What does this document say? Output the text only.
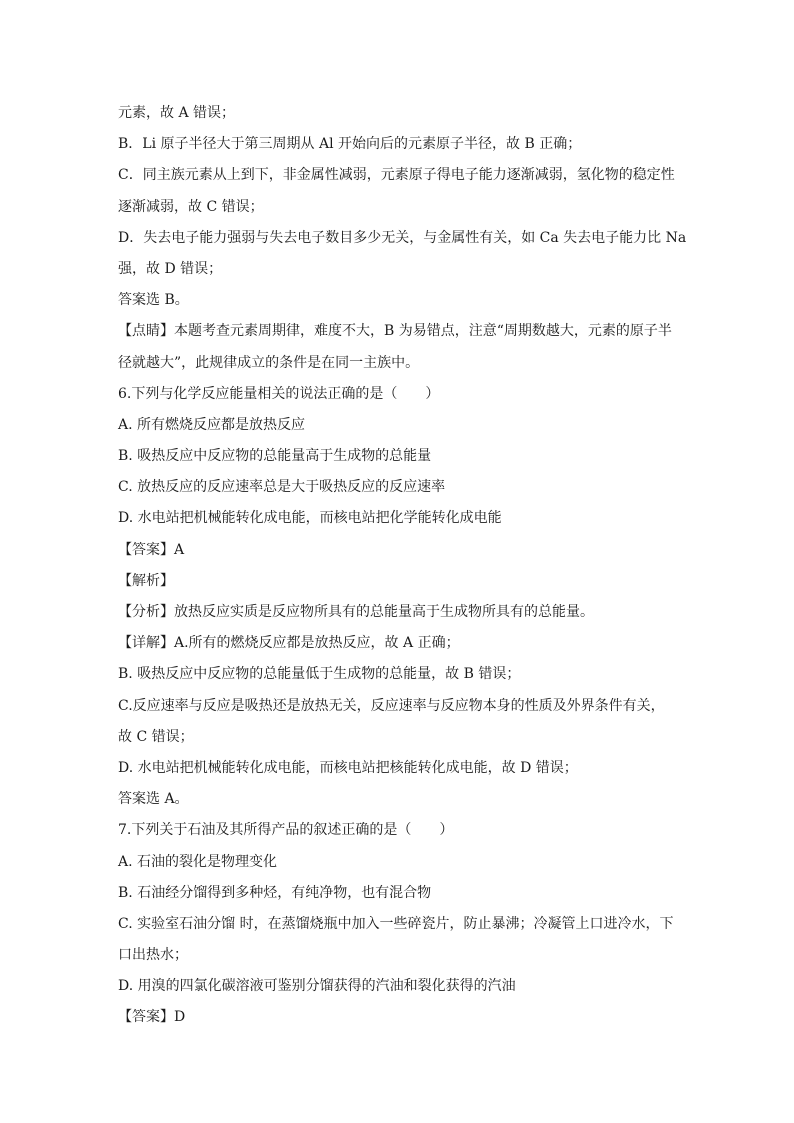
元素，故 A 错误；
B．Li 原子半径大于第三周期从 Al 开始向后的元素原子半径，故 B 正确；
C．同主族元素从上到下，非金属性减弱，元素原子得电子能力逐渐减弱，氢化物的稳定性
逐渐减弱，故 C 错误；
D．失去电子能力强弱与失去电子数目多少无关，与金属性有关，如 Ca 失去电子能力比 Na
强，故 D 错误；
答案选 B。
【点睛】本题考查元素周期律，难度不大，B 为易错点，注意“周期数越大，元素的原子半
径就越大”，此规律成立的条件是在同一主族中。
6.下列与化学反应能量相关的说法正确的是（　　）
A. 所有燃烧反应都是放热反应
B. 吸热反应中反应物的总能量高于生成物的总能量
C. 放热反应的反应速率总是大于吸热反应的反应速率
D. 水电站把机械能转化成电能，而核电站把化学能转化成电能
【答案】A
【解析】
【分析】放热反应实质是反应物所具有的总能量高于生成物所具有的总能量。
【详解】A.所有的燃烧反应都是放热反应，故 A 正确；
B. 吸热反应中反应物的总能量低于生成物的总能量，故 B 错误；
C.反应速率与反应是吸热还是放热无关，反应速率与反应物本身的性质及外界条件有关，
故 C 错误；
D. 水电站把机械能转化成电能，而核电站把核能转化成电能，故 D 错误；
答案选 A。
7.下列关于石油及其所得产品的叙述正确的是（　　）
A. 石油的裂化是物理变化
B. 石油经分馏得到多种烃，有纯净物，也有混合物
C. 实验室石油分馏 时，在蒸馏烧瓶中加入一些碎瓷片，防止暴沸；冷凝管上口进冷水，下
口出热水；
D. 用溴的四氯化碳溶液可鉴别分馏获得的汽油和裂化获得的汽油
【答案】D
